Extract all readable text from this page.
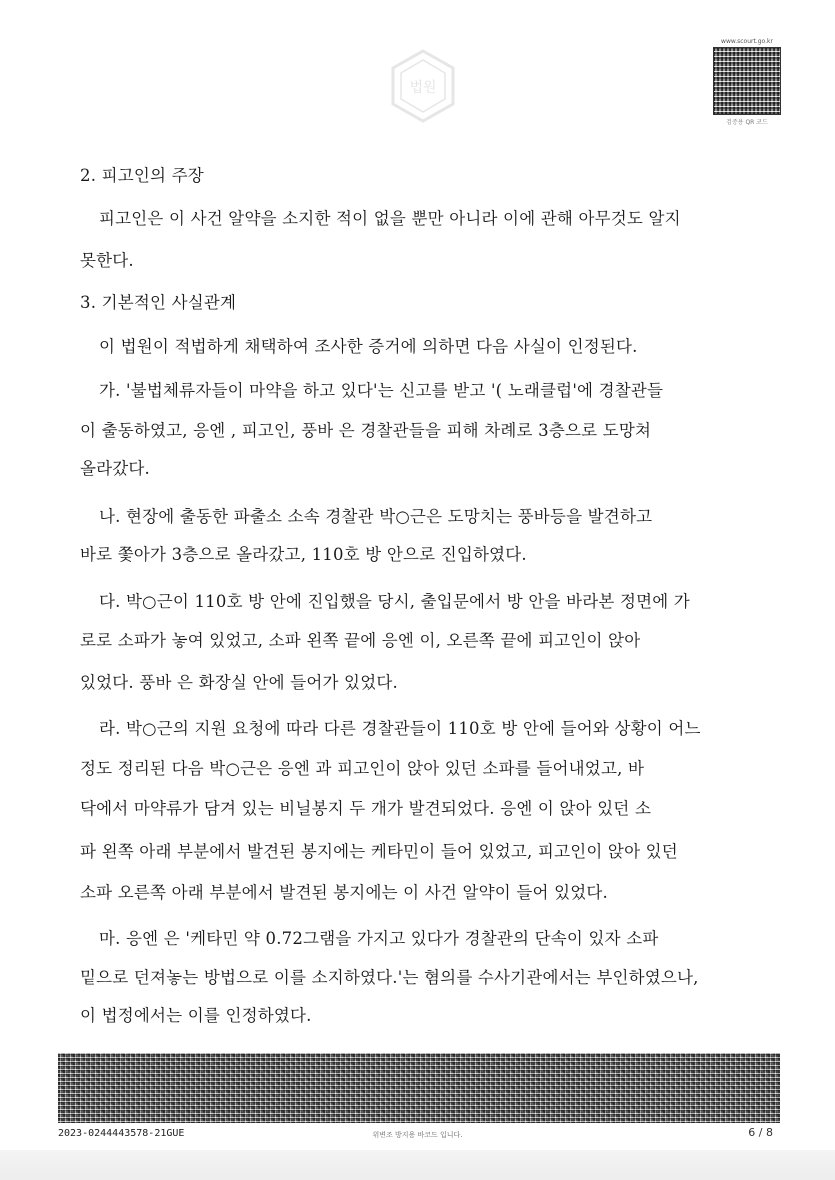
법원
www.scourt.go.kr
검증용 QR 코드
2. 피고인의 주장
피고인은 이 사건 알약을 소지한 적이 없을 뿐만 아니라 이에 관해 아무것도 알지
못한다.
3. 기본적인 사실관계
이 법원이 적법하게 채택하여 조사한 증거에 의하면 다음 사실이 인정된다.
가. '불법체류자들이 마약을 하고 있다'는 신고를 받고 '( 노래클럽'에 경찰관들
이 출동하였고, 응엔 , 피고인, 풍바 은 경찰관들을 피해 차례로 3층으로 도망쳐
올라갔다.
나. 현장에 출동한 파출소 소속 경찰관 박○근은 도망치는 풍바등을 발견하고
바로 쫓아가 3층으로 올라갔고, 110호 방 안으로 진입하였다.
다. 박○근이 110호 방 안에 진입했을 당시, 출입문에서 방 안을 바라본 정면에 가
로로 소파가 놓여 있었고, 소파 왼쪽 끝에 응엔 이, 오른쪽 끝에 피고인이 앉아
있었다. 풍바 은 화장실 안에 들어가 있었다.
라. 박○근의 지원 요청에 따라 다른 경찰관들이 110호 방 안에 들어와 상황이 어느
정도 정리된 다음 박○근은 응엔 과 피고인이 앉아 있던 소파를 들어내었고, 바
닥에서 마약류가 담겨 있는 비닐봉지 두 개가 발견되었다. 응엔 이 앉아 있던 소
파 왼쪽 아래 부분에서 발견된 봉지에는 케타민이 들어 있었고, 피고인이 앉아 있던
소파 오른쪽 아래 부분에서 발견된 봉지에는 이 사건 알약이 들어 있었다.
마. 응엔 은 '케타민 약 0.72그램을 가지고 있다가 경찰관의 단속이 있자 소파
밑으로 던져놓는 방법으로 이를 소지하였다.'는 혐의를 수사기관에서는 부인하였으나,
이 법정에서는 이를 인정하였다.
2023-0244443578-21GUE	위변조 방지용 바코드 입니다.	6 / 8
